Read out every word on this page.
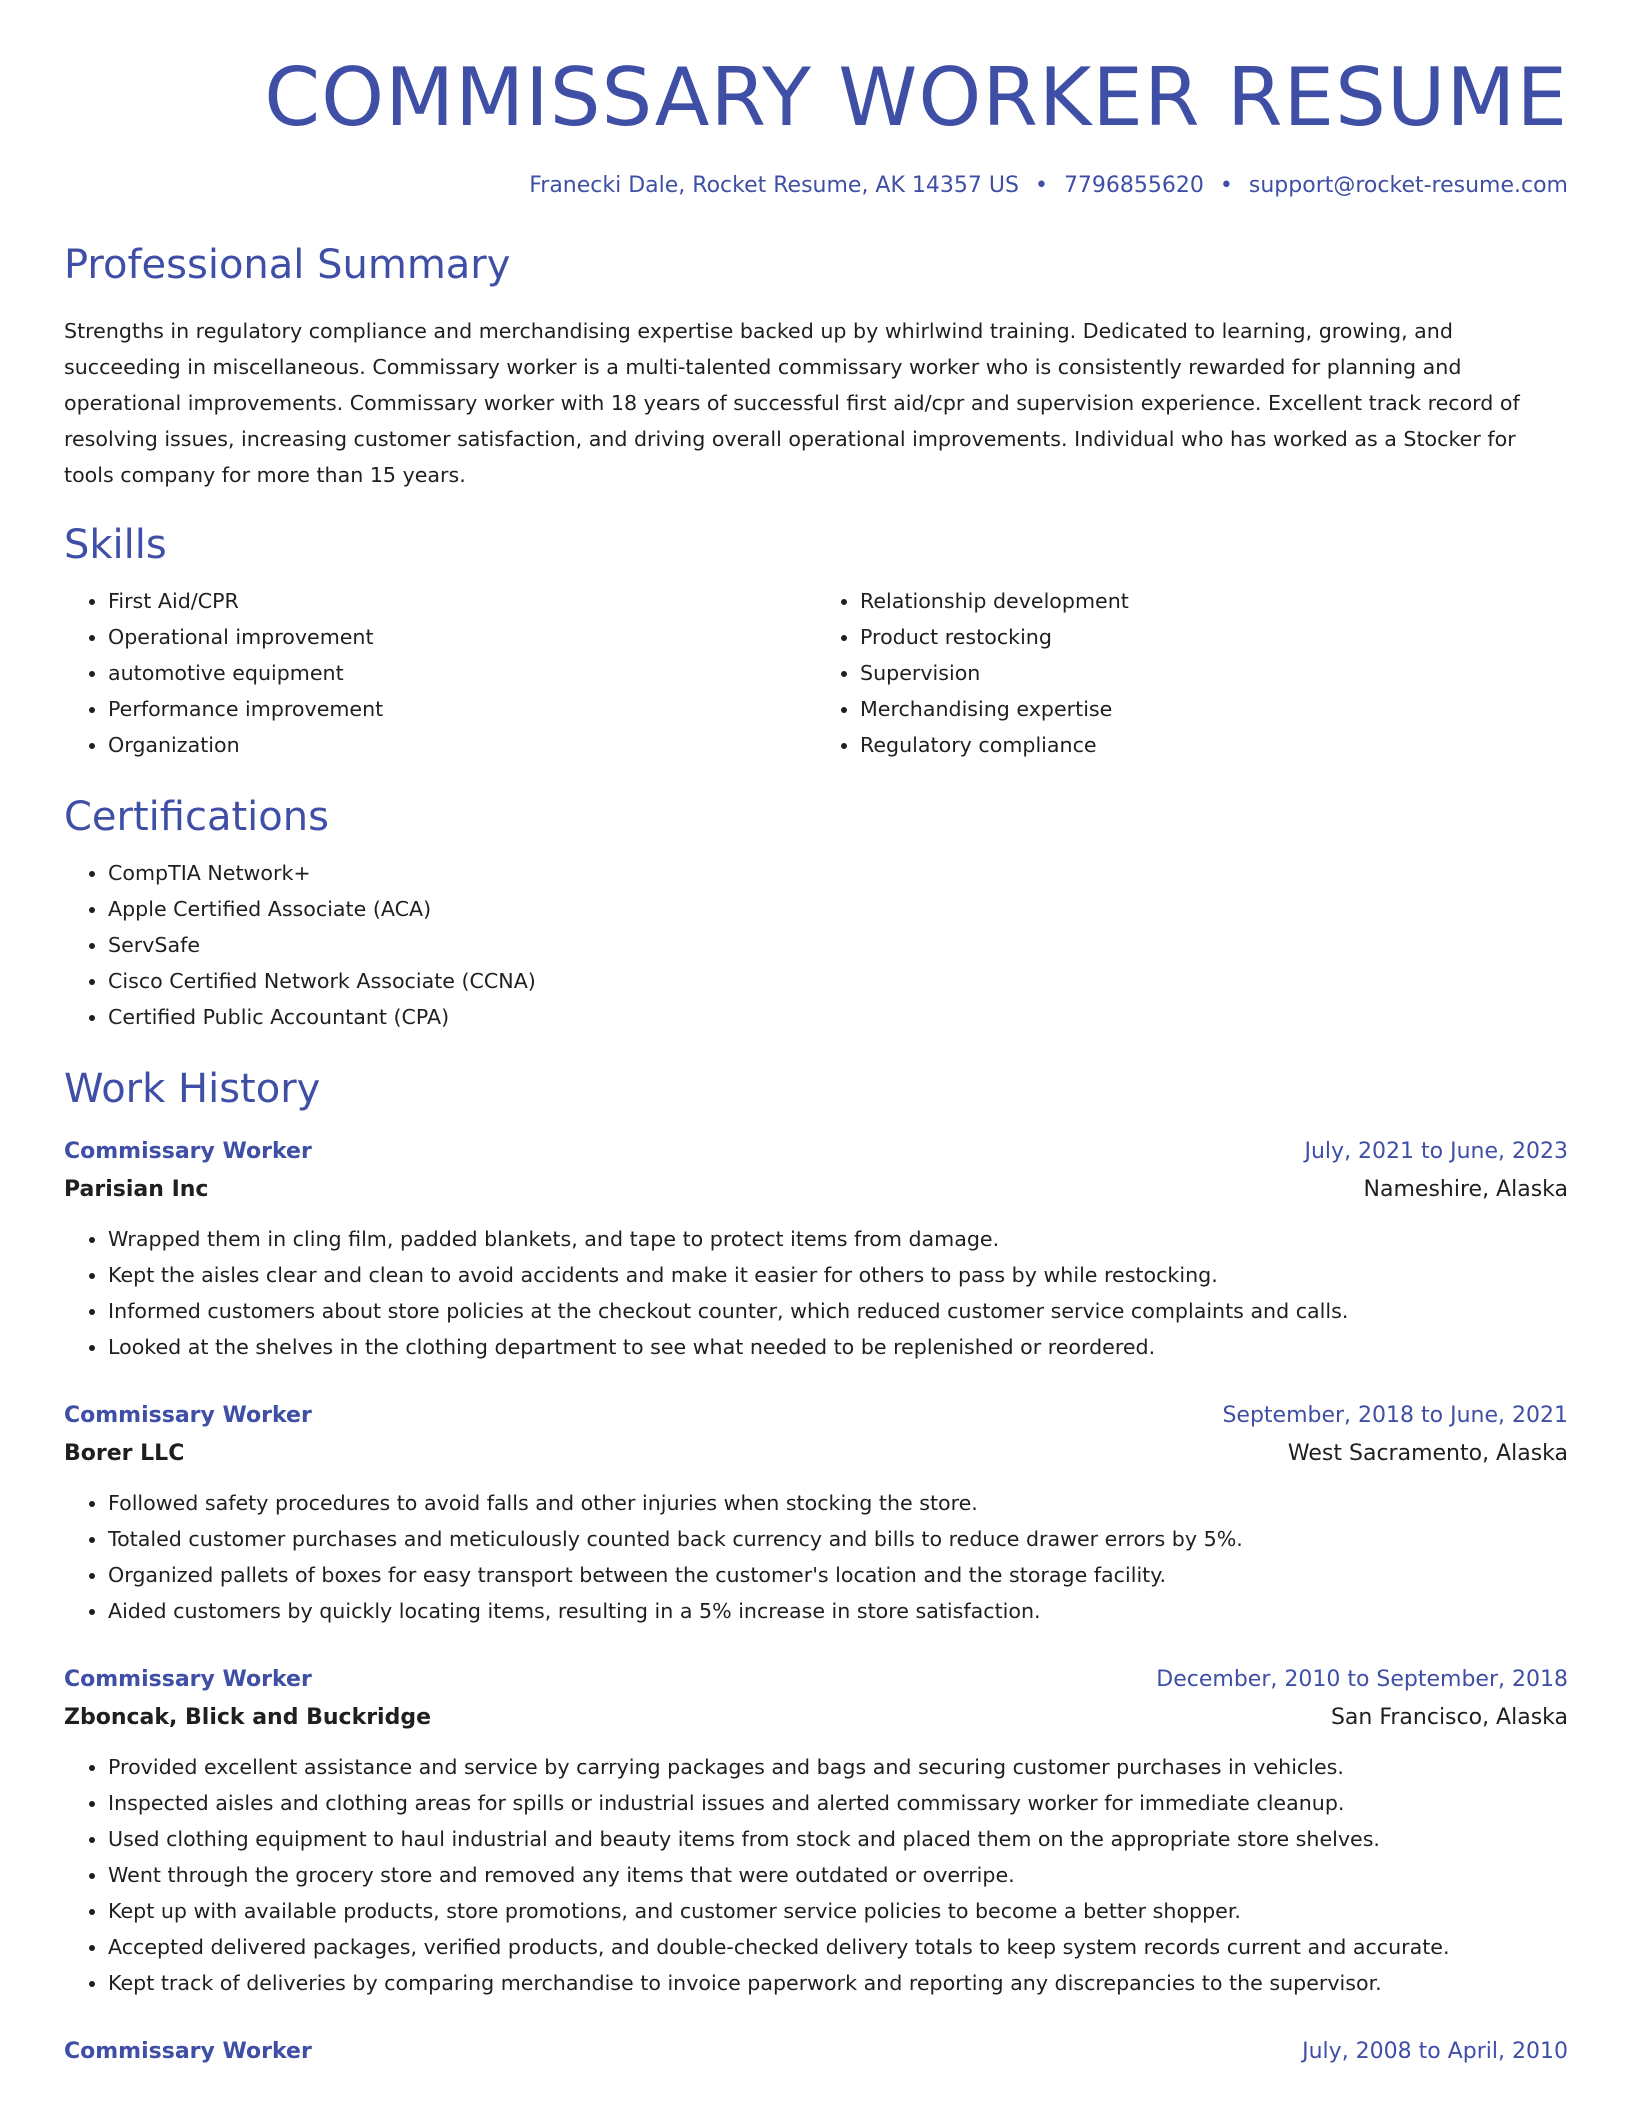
COMMISSARY WORKER RESUME
Franecki Dale, Rocket Resume, AK 14357 US • 7796855620 • support@rocket-resume.com
Professional Summary

Strengths in regulatory compliance and merchandising expertise backed up by whirlwind training. Dedicated to learning, growing, and succeeding in miscellaneous. Commissary worker is a multi-talented commissary worker who is consistently rewarded for planning and operational improvements. Commissary worker with 18 years of successful first aid/cpr and supervision experience. Excellent track record of resolving issues, increasing customer satisfaction, and driving overall operational improvements. Individual who has worked as a Stocker for tools company for more than 15 years.

Skills
• First Aid/CPR
• Operational improvement
• automotive equipment
• Performance improvement
• Organization
• Relationship development
• Product restocking
• Supervision
• Merchandising expertise
• Regulatory compliance
Certifications
• CompTIA Network+
• Apple Certified Associate (ACA)
• ServSafe
• Cisco Certified Network Associate (CCNA)
• Certified Public Accountant (CPA)
Work History
Commissary Worker	July, 2021 to June, 2023
Parisian Inc	Nameshire, Alaska
• Wrapped them in cling film, padded blankets, and tape to protect items from damage.
• Kept the aisles clear and clean to avoid accidents and make it easier for others to pass by while restocking.
• Informed customers about store policies at the checkout counter, which reduced customer service complaints and calls.
• Looked at the shelves in the clothing department to see what needed to be replenished or reordered.
Commissary Worker	September, 2018 to June, 2021
Borer LLC	West Sacramento, Alaska
• Followed safety procedures to avoid falls and other injuries when stocking the store.
• Totaled customer purchases and meticulously counted back currency and bills to reduce drawer errors by 5%.
• Organized pallets of boxes for easy transport between the customer's location and the storage facility.
• Aided customers by quickly locating items, resulting in a 5% increase in store satisfaction.
Commissary Worker	December, 2010 to September, 2018
Zboncak, Blick and Buckridge	San Francisco, Alaska
• Provided excellent assistance and service by carrying packages and bags and securing customer purchases in vehicles.
• Inspected aisles and clothing areas for spills or industrial issues and alerted commissary worker for immediate cleanup.
• Used clothing equipment to haul industrial and beauty items from stock and placed them on the appropriate store shelves.
• Went through the grocery store and removed any items that were outdated or overripe.
• Kept up with available products, store promotions, and customer service policies to become a better shopper.
• Accepted delivered packages, verified products, and double-checked delivery totals to keep system records current and accurate.
• Kept track of deliveries by comparing merchandise to invoice paperwork and reporting any discrepancies to the supervisor.
Commissary Worker	July, 2008 to April, 2010
